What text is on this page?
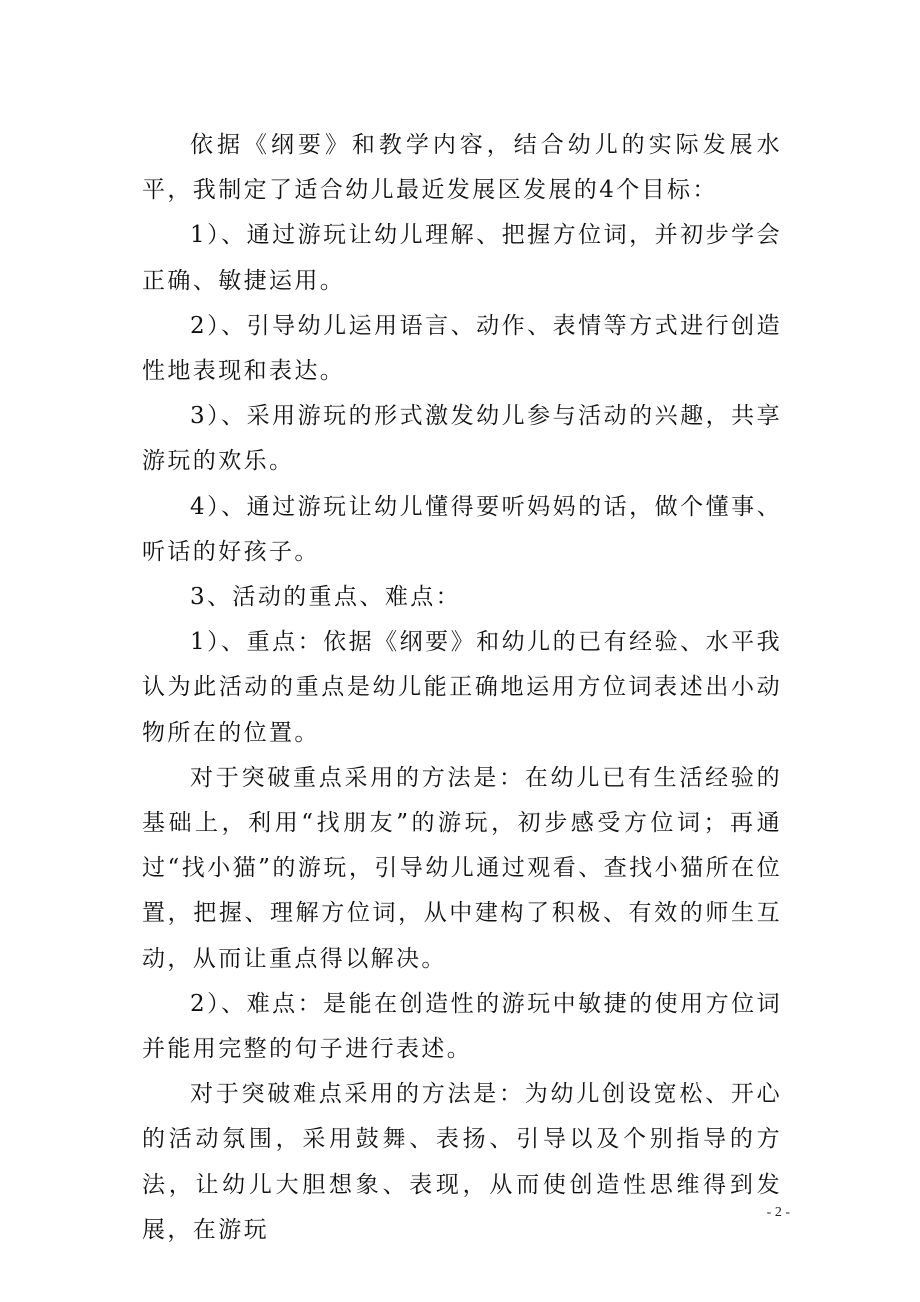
依据《纲要》和教学内容，结合幼儿的实际发展水平，我制定了适合幼儿最近发展区发展的4个目标：

1）、通过游玩让幼儿理解、把握方位词，并初步学会正确、敏捷运用。

2）、引导幼儿运用语言、动作、表情等方式进行创造性地表现和表达。

3）、采用游玩的形式激发幼儿参与活动的兴趣，共享游玩的欢乐。

4）、通过游玩让幼儿懂得要听妈妈的话，做个懂事、听话的好孩子。

3、活动的重点、难点：

1）、重点：依据《纲要》和幼儿的已有经验、水平我认为此活动的重点是幼儿能正确地运用方位词表述出小动物所在的位置。

对于突破重点采用的方法是：在幼儿已有生活经验的基础上，利用“找朋友”的游玩，初步感受方位词；再通过“找小猫”的游玩，引导幼儿通过观看、查找小猫所在位置，把握、理解方位词，从中建构了积极、有效的师生互动，从而让重点得以解决。

2）、难点：是能在创造性的游玩中敏捷的使用方位词并能用完整的句子进行表述。

对于突破难点采用的方法是：为幼儿创设宽松、开心的活动氛围，采用鼓舞、表扬、引导以及个别指导的方法，让幼儿大胆想象、表现，从而使创造性思维得到发展，在游玩

- 2 -
